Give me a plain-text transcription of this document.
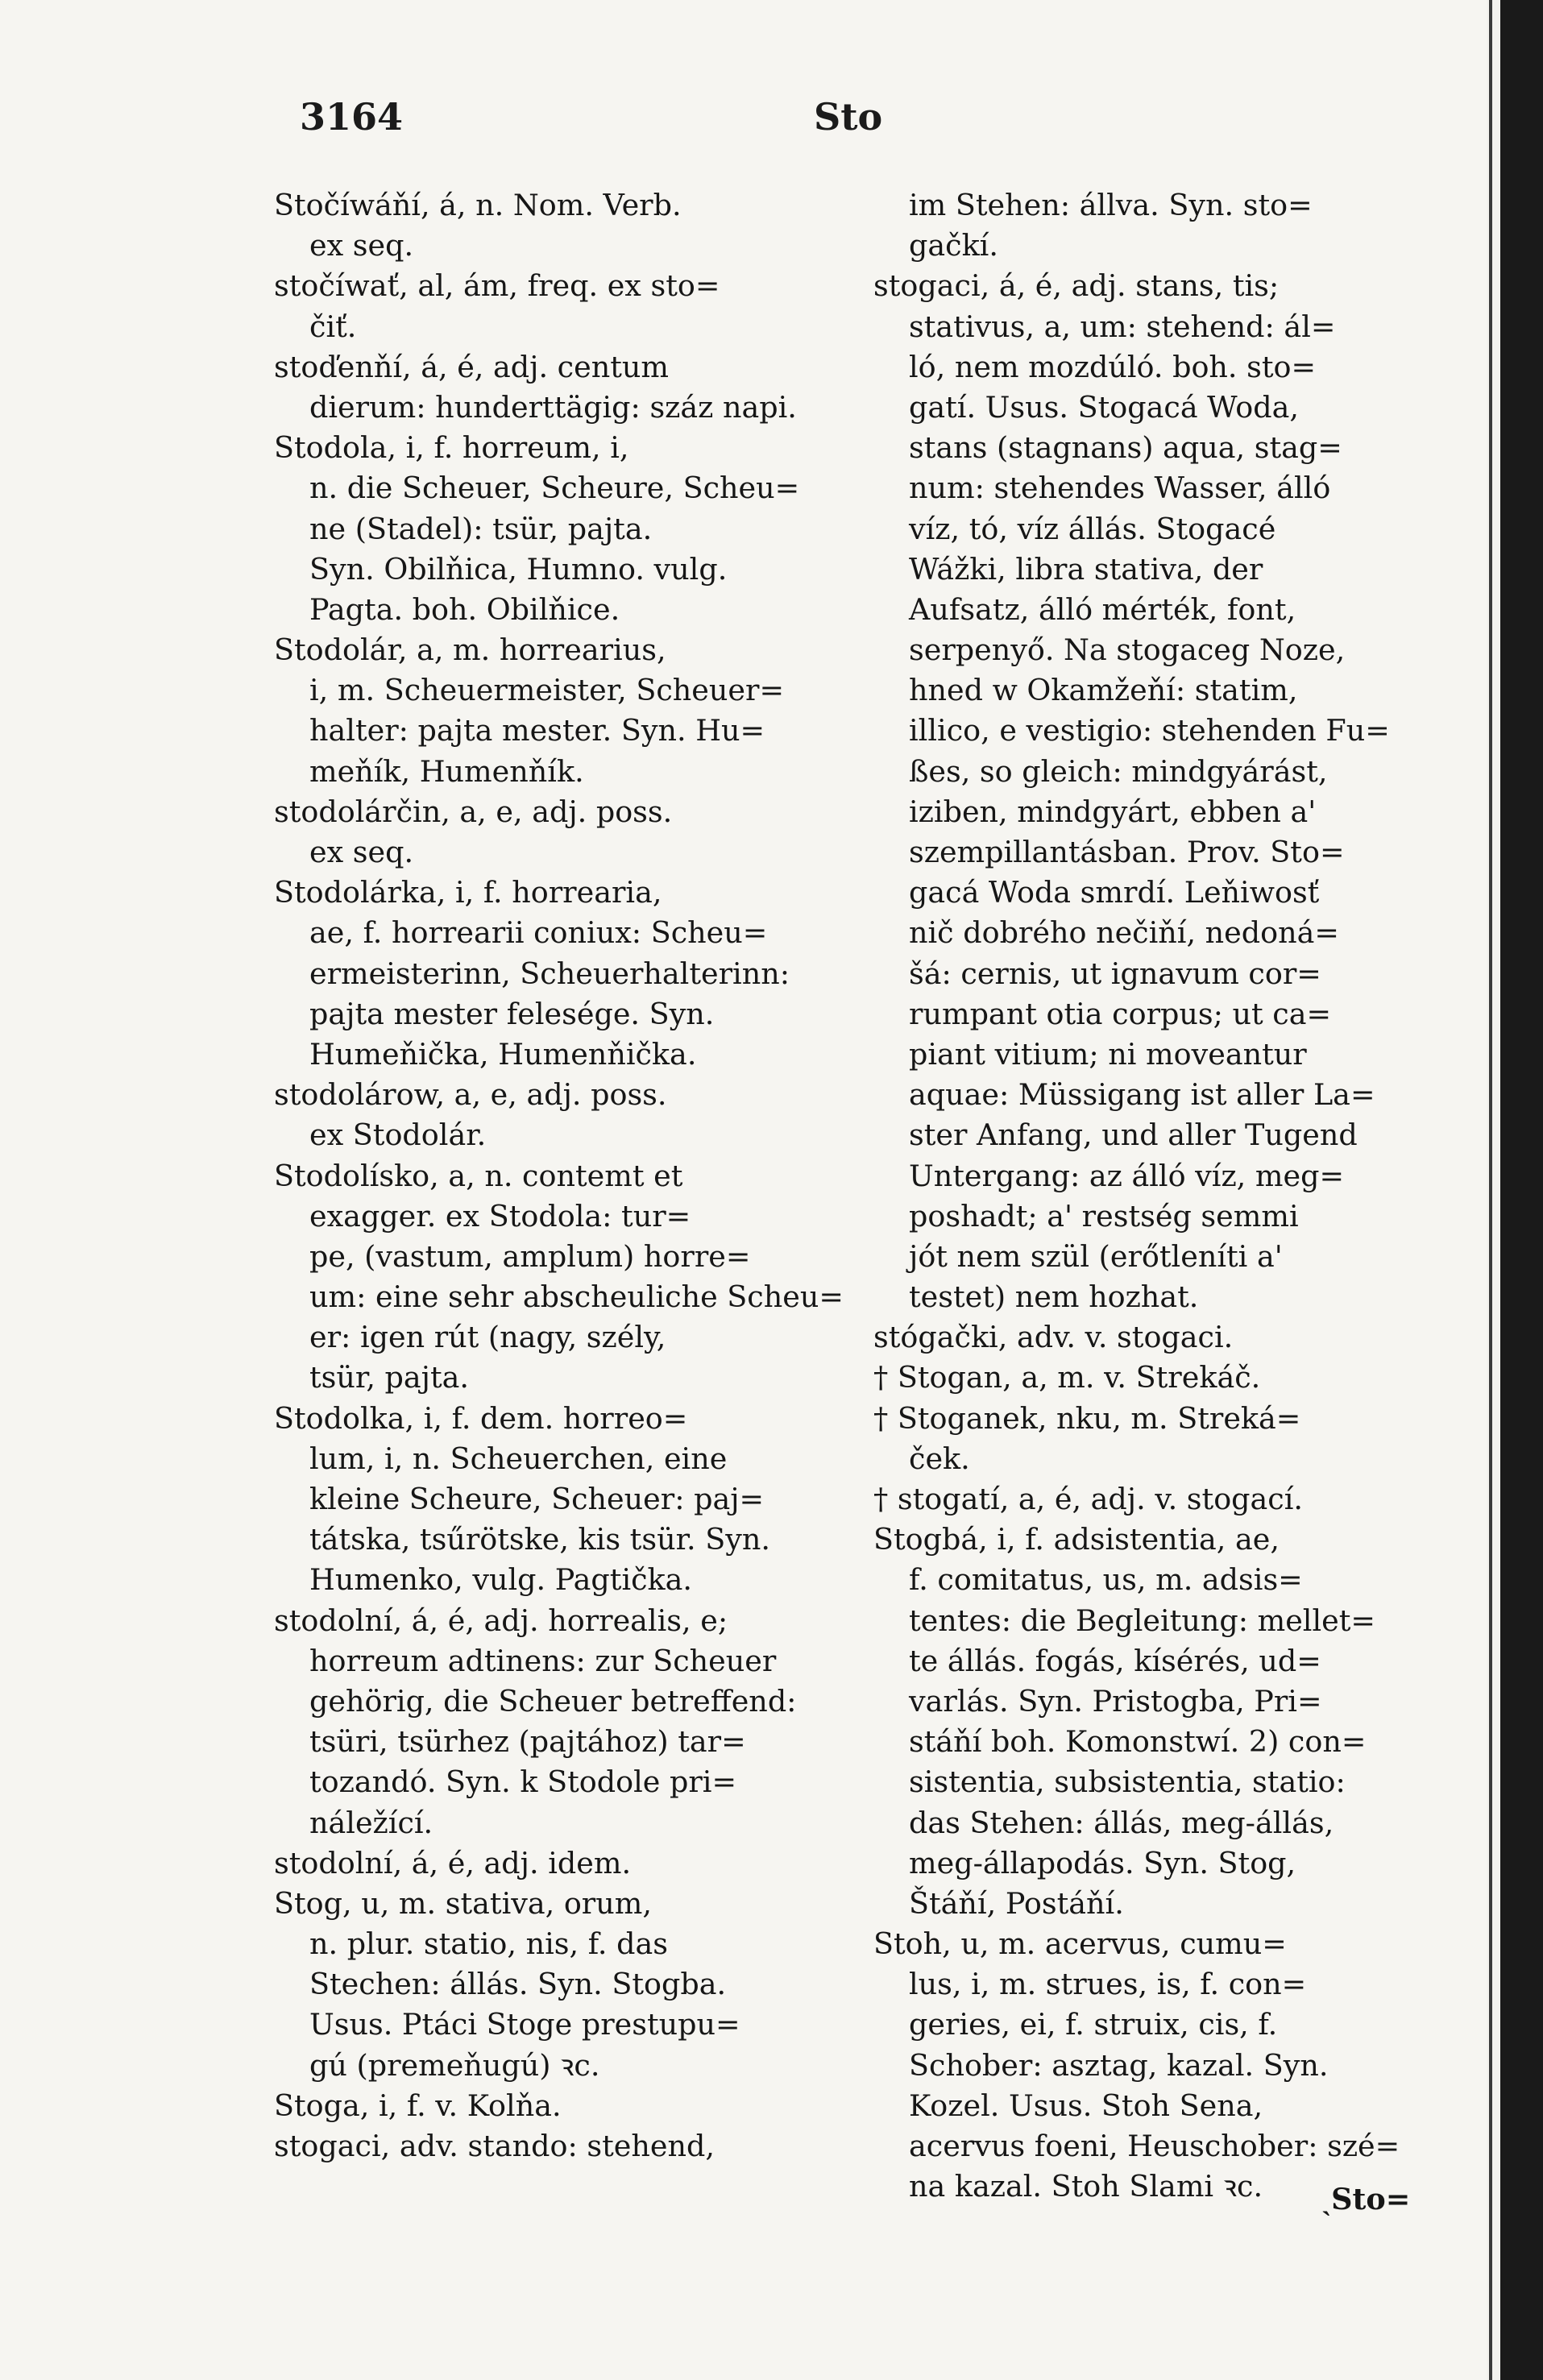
3164	Sto
Stočíwáňí, á, n. Nom. Verb.
ex seq.
stočíwať, al, ám, freq. ex sto=
čiť.
stoďenňí, á, é, adj. centum
dierum: hunderttägig: száz napi.
Stodola, i, f. horreum, i,
n. die Scheuer, Scheure, Scheu=
ne (Stadel): tsür, pajta.
Syn. Obilňica, Humno. vulg.
Pagta. boh. Obilňice.
Stodolár, a, m. horrearius,
i, m. Scheuermeister, Scheuer=
halter: pajta mester. Syn. Hu=
meňík, Humenňík.
stodolárčin, a, e, adj. poss.
ex seq.
Stodolárka, i, f. horrearia,
ae, f. horrearii coniux: Scheu=
ermeisterinn, Scheuerhalterinn:
pajta mester felesége. Syn.
Humeňička, Humenňička.
stodolárow, a, e, adj. poss.
ex Stodolár.
Stodolísko, a, n. contemt et
exagger. ex Stodola: tur=
pe, (vastum, amplum) horre=
um: eine sehr abscheuliche Scheu=
er: igen rút (nagy, szély,
tsür, pajta.
Stodolka, i, f. dem. horreo=
lum, i, n. Scheuerchen, eine
kleine Scheure, Scheuer: paj=
tátska, tsűrötske, kis tsür. Syn.
Humenko, vulg. Pagtička.
stodolní, á, é, adj. horrealis, e;
horreum adtinens: zur Scheuer
gehörig, die Scheuer betreffend:
tsüri, tsürhez (pajtához) tar=
tozandó. Syn. k Stodole pri=
náležící.
stodolní, á, é, adj. idem.
Stog, u, m. stativa, orum,
n. plur. statio, nis, f. das
Stechen: állás. Syn. Stogba.
Usus. Ptáci Stoge prestupu=
gú (premeňugú) ꝛc.
Stoga, i, f. v. Kolňa.
stogaci, adv. stando: stehend,
im Stehen: állva. Syn. sto=
gačkí.
stogaci, á, é, adj. stans, tis;
stativus, a, um: stehend: ál=
ló, nem mozdúló. boh. sto=
gatí. Usus. Stogacá Woda,
stans (stagnans) aqua, stag=
num: stehendes Wasser, álló
víz, tó, víz állás. Stogacé
Wážki, libra stativa, der
Aufsatz, álló mérték, font,
serpenyő. Na stogaceg Noze,
hned w Okamžeňí: statim,
illico, e vestigio: stehenden Fu=
ßes, so gleich: mindgyárást,
iziben, mindgyárt, ebben a'
szempillantásban. Prov. Sto=
gacá Woda smrdí. Leňiwosť
nič dobrého nečiňí, nedoná=
šá: cernis, ut ignavum cor=
rumpant otia corpus; ut ca=
piant vitium; ni moveantur
aquae: Müssigang ist aller La=
ster Anfang, und aller Tugend
Untergang: az álló víz, meg=
poshadt; a' restség semmi
jót nem szül (erőtleníti a'
testet) nem hozhat.
stógački, adv. v. stogaci.
† Stogan, a, m. v. Strekáč.
† Stoganek, nku, m. Streká=
ček.
† stogatí, a, é, adj. v. stogací.
Stogbá, i, f. adsistentia, ae,
f. comitatus, us, m. adsis=
tentes: die Begleitung: mellet=
te állás. fogás, kísérés, ud=
varlás. Syn. Pristogba, Pri=
stáňí boh. Komonstwí. 2) con=
sistentia, subsistentia, statio:
das Stehen: állás, meg-állás,
meg-állapodás. Syn. Stog,
Štáňí, Postáňí.
Stoh, u, m. acervus, cumu=
lus, i, m. strues, is, f. con=
geries, ei, f. struix, cis, f.
Schober: asztag, kazal. Syn.
Kozel. Usus. Stoh Sena,
acervus foeni, Heuschober: szé=
na kazal. Stoh Slami ꝛc.	ˎSto=
